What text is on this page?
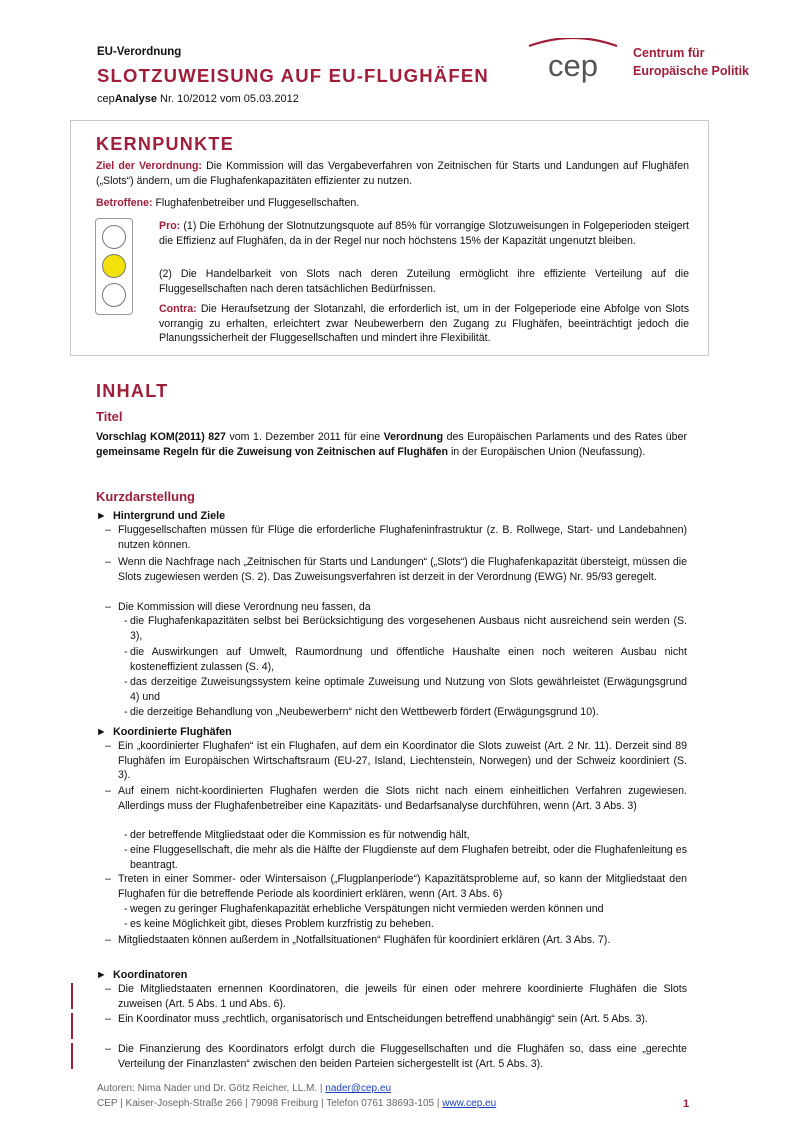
EU-Verordnung
SLOTZUWEISUNG AUF EU-FLUGHÄFEN
cepAnalyse Nr. 10/2012 vom 05.03.2012
cep	Centrum für
Europäische Politik
KERNPUNKTE
Ziel der Verordnung: Die Kommission will das Vergabeverfahren von Zeitnischen für Starts und Landungen auf Flughäfen („Slots“) ändern, um die Flughafenkapazitäten effizienter zu nutzen.
Betroffene: Flughafenbetreiber und Fluggesellschaften.
Pro: (1) Die Erhöhung der Slotnutzungsquote auf 85% für vorrangige Slotzuweisungen in Folgeperioden steigert die Effizienz auf Flughäfen, da in der Regel nur noch höchstens 15% der Kapazität ungenutzt bleiben.
(2) Die Handelbarkeit von Slots nach deren Zuteilung ermöglicht ihre effiziente Verteilung auf die Fluggesellschaften nach deren tatsächlichen Bedürfnissen.
Contra: Die Heraufsetzung der Slotanzahl, die erforderlich ist, um in der Folgeperiode eine Abfolge von Slots vorrangig zu erhalten, erleichtert zwar Neubewerbern den Zugang zu Flughäfen, beeinträchtigt jedoch die Planungssicherheit der Fluggesellschaften und mindert ihre Flexibilität.
INHALT
Titel
Vorschlag KOM(2011) 827 vom 1. Dezember 2011 für eine Verordnung des Europäischen Parlaments und des Rates über gemeinsame Regeln für die Zuweisung von Zeitnischen auf Flughäfen in der Europäischen Union (Neufassung).
Kurzdarstellung
► Hintergrund und Ziele
– Fluggesellschaften müssen für Flüge die erforderliche Flughafeninfrastruktur (z. B. Rollwege, Start- und Landebahnen) nutzen können.
– Wenn die Nachfrage nach „Zeitnischen für Starts und Landungen“ („Slots“) die Flughafenkapazität übersteigt, müssen die Slots zugewiesen werden (S. 2). Das Zuweisungsverfahren ist derzeit in der Verordnung (EWG) Nr. 95/93 geregelt.
– Die Kommission will diese Verordnung neu fassen, da
- die Flughafenkapazitäten selbst bei Berücksichtigung des vorgesehenen Ausbaus nicht ausreichend sein werden (S. 3),
- die Auswirkungen auf Umwelt, Raumordnung und öffentliche Haushalte einen noch weiteren Ausbau nicht kosteneffizient zulassen (S. 4),
- das derzeitige Zuweisungssystem keine optimale Zuweisung und Nutzung von Slots gewährleistet (Erwägungsgrund 4) und
- die derzeitige Behandlung von „Neubewerbern“ nicht den Wettbewerb fördert (Erwägungsgrund 10).
► Koordinierte Flughäfen
– Ein „koordinierter Flughafen“ ist ein Flughafen, auf dem ein Koordinator die Slots zuweist (Art. 2 Nr. 11). Derzeit sind 89 Flughäfen im Europäischen Wirtschaftsraum (EU-27, Island, Liechtenstein, Norwegen) und der Schweiz koordiniert (S. 3).
– Auf einem nicht-koordinierten Flughafen werden die Slots nicht nach einem einheitlichen Verfahren zugewiesen. Allerdings muss der Flughafenbetreiber eine Kapazitäts- und Bedarfsanalyse durchführen, wenn (Art. 3 Abs. 3)
- der betreffende Mitgliedstaat oder die Kommission es für notwendig hält,
- eine Fluggesellschaft, die mehr als die Hälfte der Flugdienste auf dem Flughafen betreibt, oder die Flughafenleitung es beantragt.
– Treten in einer Sommer- oder Wintersaison („Flugplanperiode“) Kapazitätsprobleme auf, so kann der Mitgliedstaat den Flughafen für die betreffende Periode als koordiniert erklären, wenn (Art. 3 Abs. 6)
- wegen zu geringer Flughafenkapazität erhebliche Verspätungen nicht vermieden werden können und
- es keine Möglichkeit gibt, dieses Problem kurzfristig zu beheben.
– Mitgliedstaaten können außerdem in „Notfallsituationen“ Flughäfen für koordiniert erklären (Art. 3 Abs. 7).
► Koordinatoren
– Die Mitgliedstaaten ernennen Koordinatoren, die jeweils für einen oder mehrere koordinierte Flughäfen die Slots zuweisen (Art. 5 Abs. 1 und Abs. 6).
– Ein Koordinator muss „rechtlich, organisatorisch und Entscheidungen betreffend unabhängig“ sein (Art. 5 Abs. 3).
– Die Finanzierung des Koordinators erfolgt durch die Fluggesellschaften und die Flughäfen so, dass eine „gerechte Verteilung der Finanzlasten“ zwischen den beiden Parteien sichergestellt ist (Art. 5 Abs. 3).
Autoren: Nima Nader und Dr. Götz Reicher, LL.M. | nader@cep.eu
CEP | Kaiser-Joseph-Straße 266 | 79098 Freiburg | Telefon 0761 38693-105 | www.cep.eu	1
